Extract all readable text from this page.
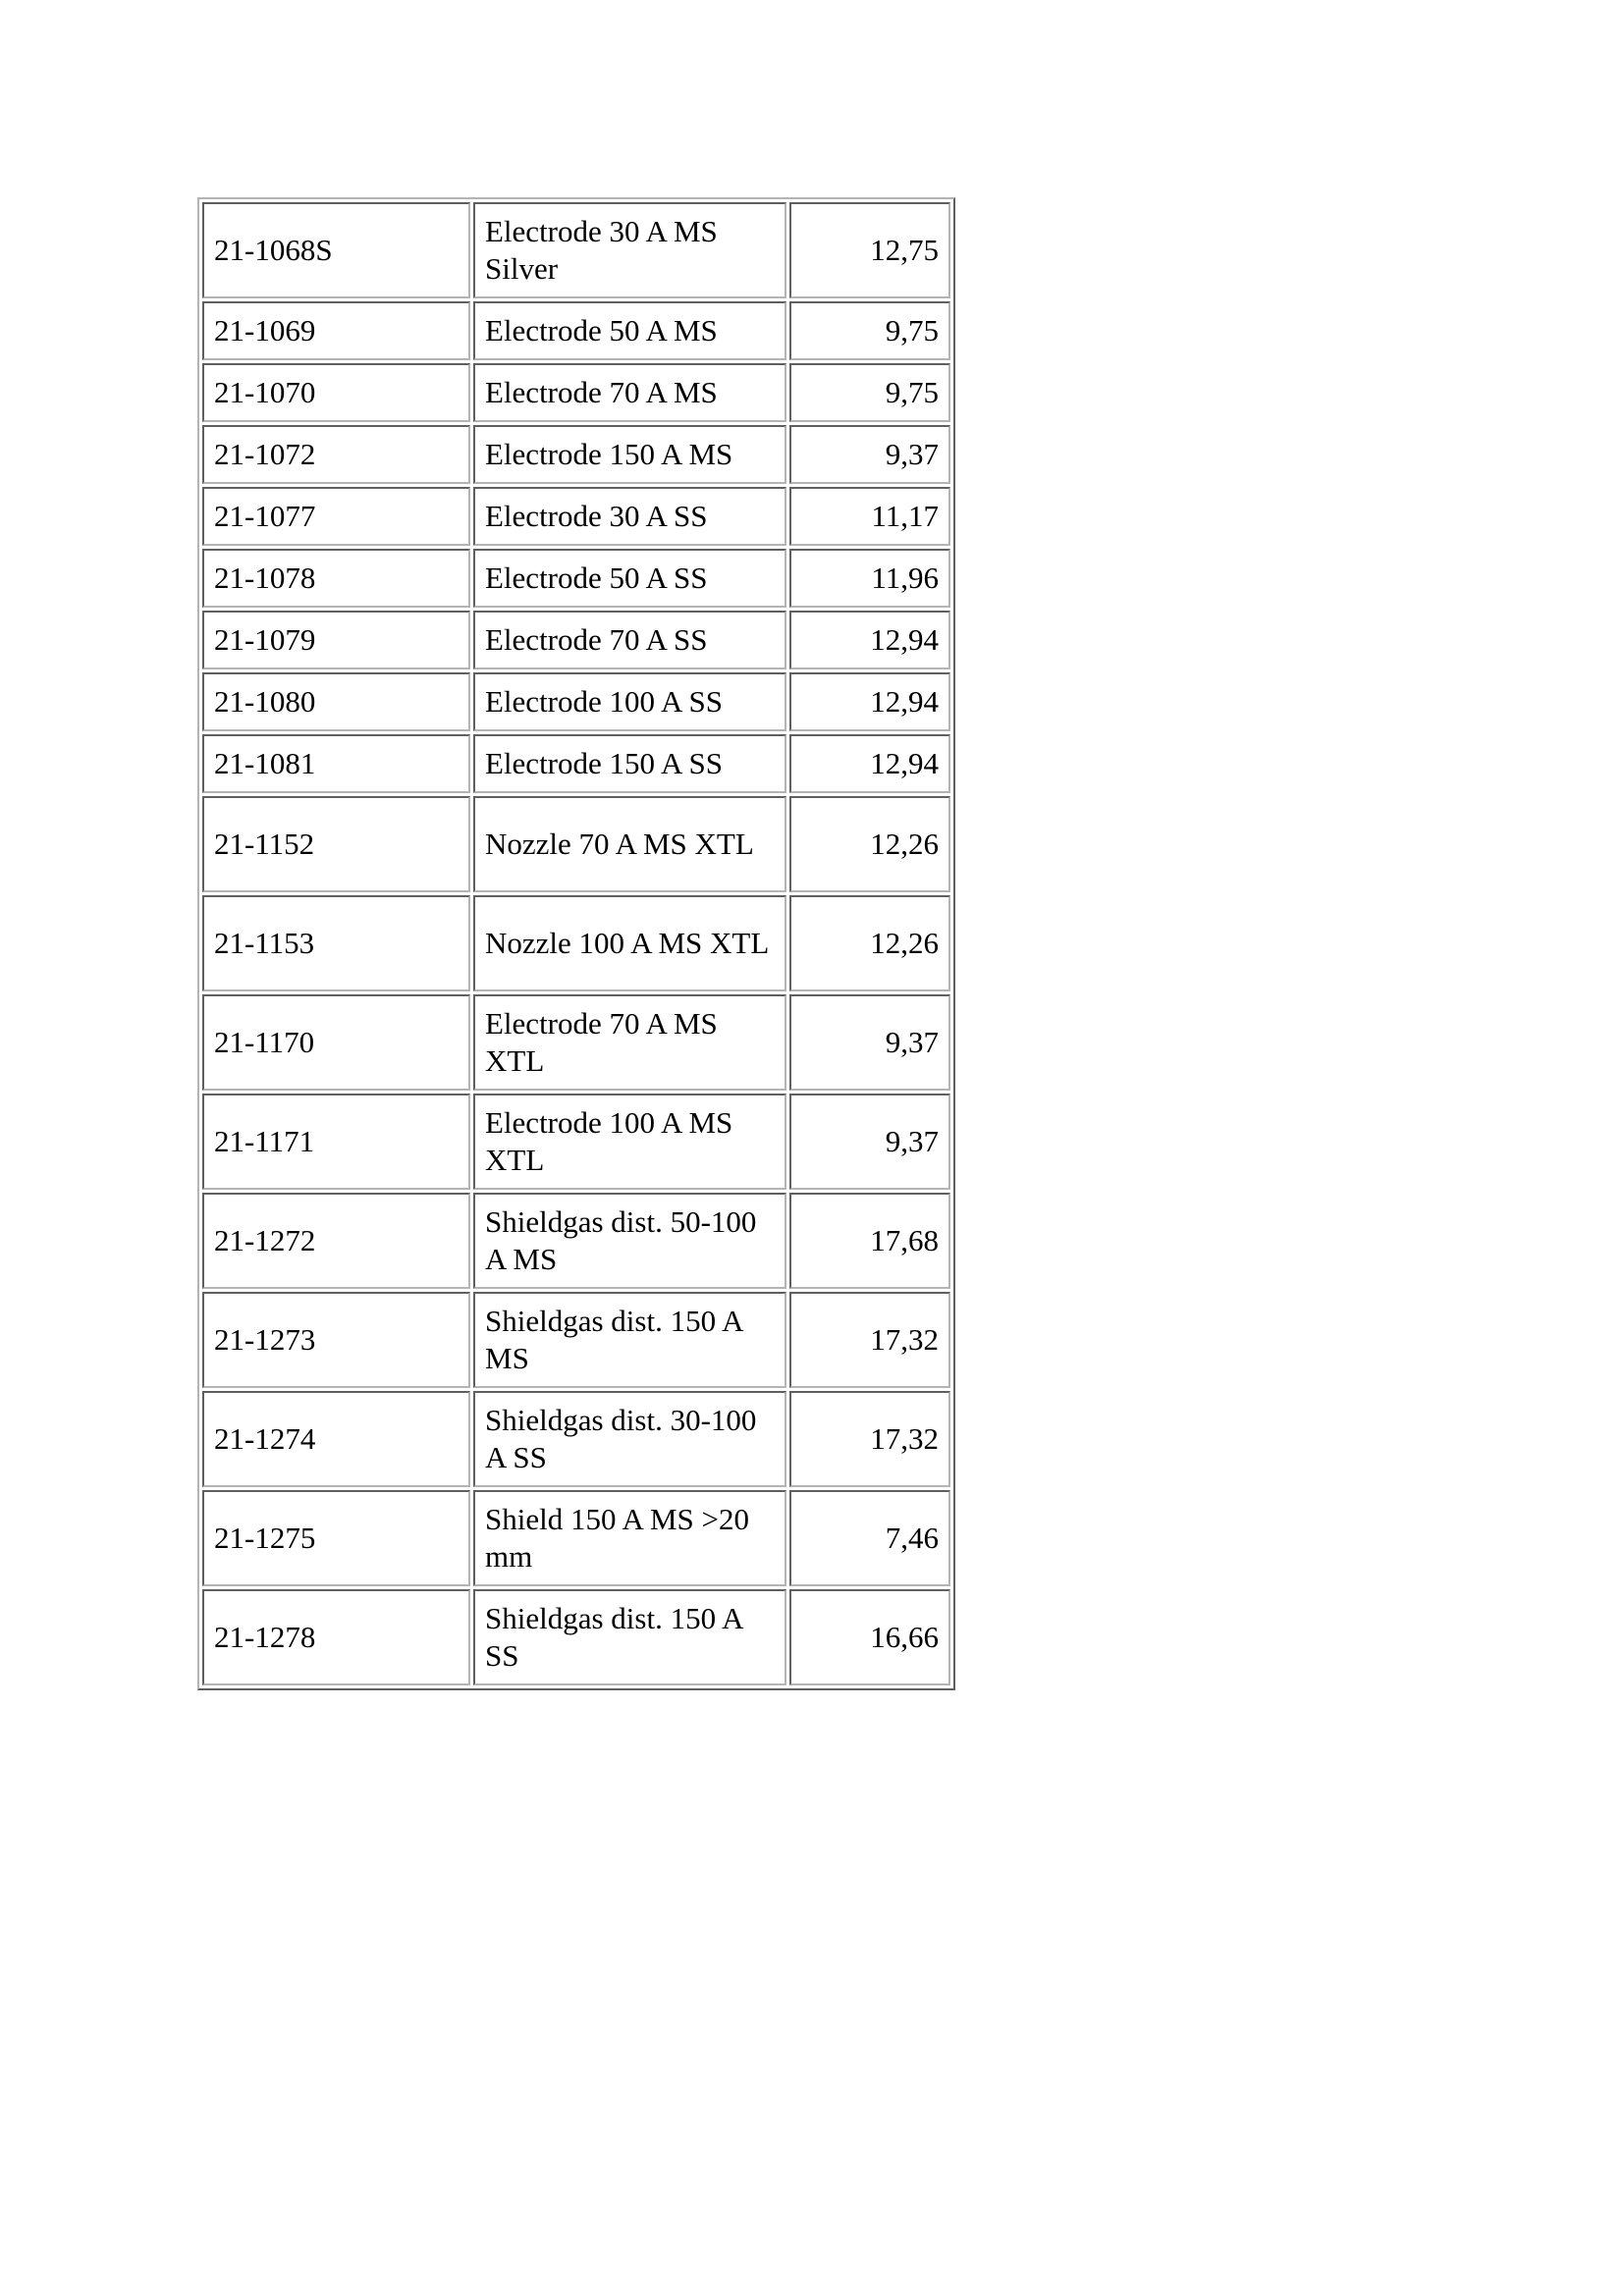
21-1068S	Electrode 30 A MS Silver	12,75
21-1069	Electrode 50 A MS	9,75
21-1070	Electrode 70 A MS	9,75
21-1072	Electrode 150 A MS	9,37
21-1077	Electrode 30 A SS	11,17
21-1078	Electrode 50 A SS	11,96
21-1079	Electrode 70 A SS	12,94
21-1080	Electrode 100 A SS	12,94
21-1081	Electrode 150 A SS	12,94
21-1152	Nozzle 70 A MS XTL	12,26
21-1153	Nozzle 100 A MS XTL	12,26
21-1170	Electrode 70 A MS XTL	9,37
21-1171	Electrode 100 A MS XTL	9,37
21-1272	Shieldgas dist. 50-100 A MS	17,68
21-1273	Shieldgas dist. 150 A MS	17,32
21-1274	Shieldgas dist. 30-100 A SS	17,32
21-1275	Shield 150 A MS >20 mm	7,46
21-1278	Shieldgas dist. 150 A SS	16,66
